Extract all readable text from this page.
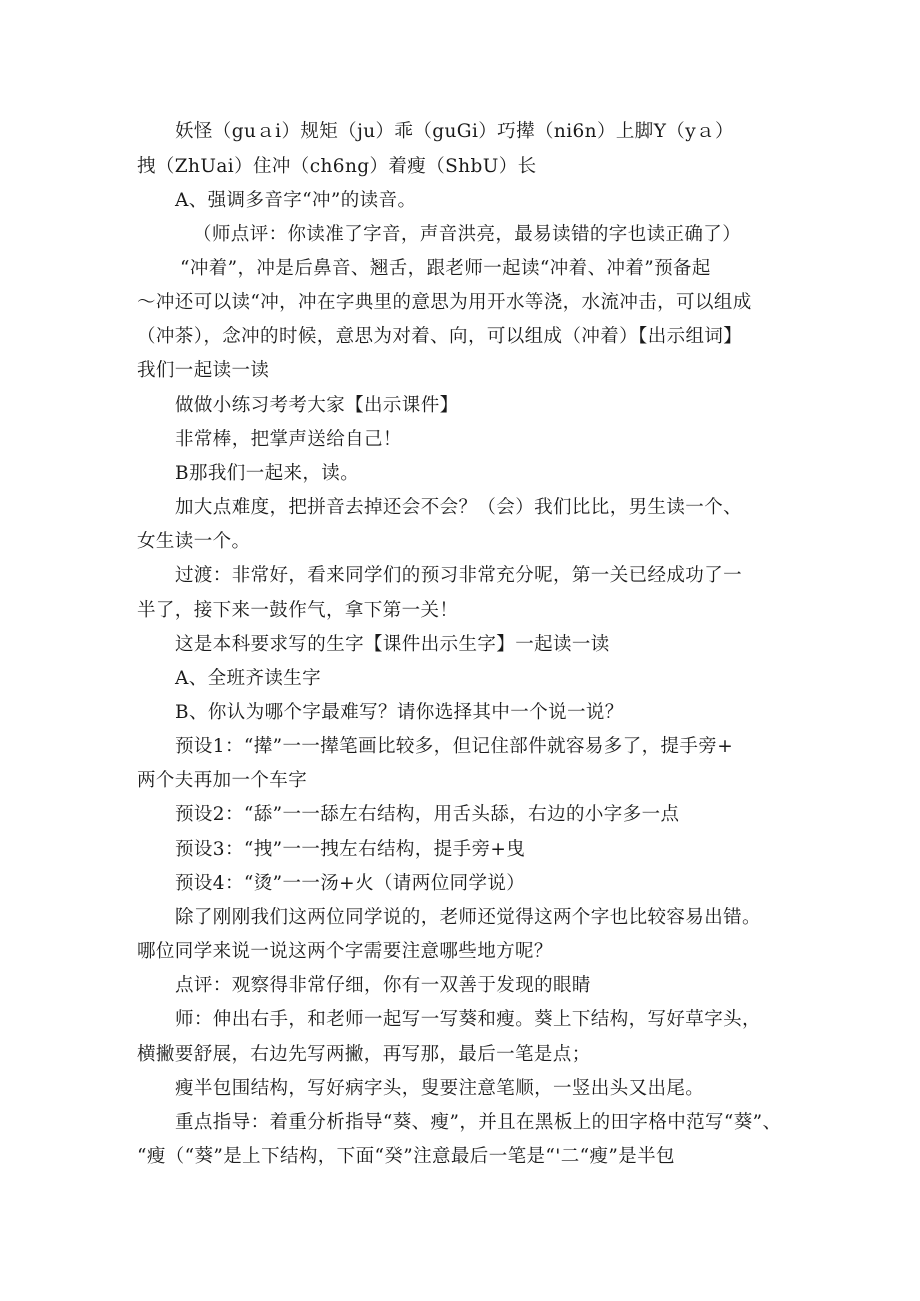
妖怪（guａi）规矩（ju）乖（guGi）巧撵（ni6n）上脚Y（yａ）
拽（ZhUai）住冲（ch6ng）着瘦（ShbU）长
A、强调多音字“冲”的读音。
（师点评：你读准了字音，声音洪亮，最易读错的字也读正确了）
“冲着”，冲是后鼻音、翘舌，跟老师一起读“冲着、冲着”预备起
〜冲还可以读“冲，冲在字典里的意思为用开水等浇，水流冲击，可以组成
（冲茶），念冲的时候，意思为对着、向，可以组成（冲着）【出示组词】
我们一起读一读
做做小练习考考大家【出示课件】
非常棒，把掌声送给自己！
B那我们一起来，读。
加大点难度，把拼音去掉还会不会？（会）我们比比，男生读一个、
女生读一个。
过渡：非常好，看来同学们的预习非常充分呢，第一关已经成功了一
半了，接下来一鼓作气，拿下第一关！
这是本科要求写的生字【课件出示生字】一起读一读
A、全班齐读生字
B、你认为哪个字最难写？请你选择其中一个说一说？
预设1：“撵”一一撵笔画比较多，但记住部件就容易多了，提手旁+
两个夫再加一个车字
预设2：“舔”一一舔左右结构，用舌头舔，右边的小字多一点
预设3：“拽”一一拽左右结构，提手旁+曳
预设4：“烫”一一汤+火（请两位同学说）
除了刚刚我们这两位同学说的，老师还觉得这两个字也比较容易出错。
哪位同学来说一说这两个字需要注意哪些地方呢？
点评：观察得非常仔细，你有一双善于发现的眼睛
师：伸出右手，和老师一起写一写葵和瘦。葵上下结构，写好草字头，
横撇要舒展，右边先写两撇，再写那，最后一笔是点；
瘦半包围结构，写好病字头，叟要注意笔顺，一竖出头又出尾。
重点指导：着重分析指导“葵、瘦”，并且在黑板上的田字格中范写“葵”、
“瘦（“葵”是上下结构，下面“癸”注意最后一笔是“'二“瘦”是半包
